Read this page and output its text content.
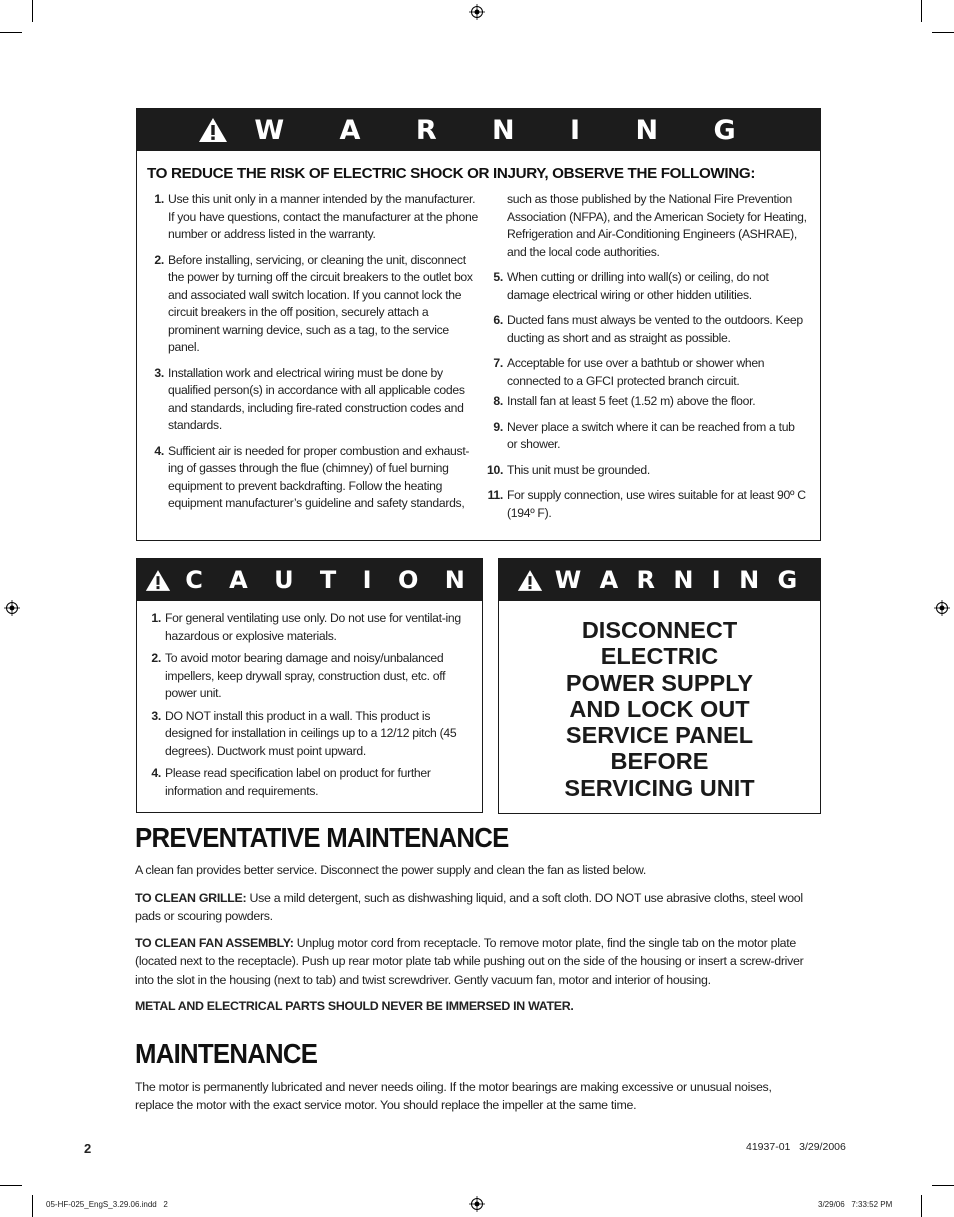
W A R N I N G
TO REDUCE THE RISK OF ELECTRIC SHOCK OR INJURY, OBSERVE THE FOLLOWING:
1. Use this unit only in a manner intended by the manufacturer. If you have questions, contact the manufacturer at the phone number or address listed in the warranty.
2. Before installing, servicing, or cleaning the unit, disconnect the power by turning off the circuit breakers to the outlet box and associated wall switch location. If you cannot lock the circuit breakers in the off position, securely attach a prominent warning device, such as a tag, to the service panel.
3. Installation work and electrical wiring must be done by qualified person(s) in accordance with all applicable codes and standards, including fire-rated construction codes and standards.
4. Sufficient air is needed for proper combustion and exhaust-ing of gasses through the flue (chimney) of fuel burning equipment to prevent backdrafting. Follow the heating equipment manufacturer’s guideline and safety standards,
such as those published by the National Fire Prevention Association (NFPA), and the American Society for Heating, Refrigeration and Air-Conditioning Engineers (ASHRAE), and the local code authorities.
5. When cutting or drilling into wall(s) or ceiling, do not damage electrical wiring or other hidden utilities.
6. Ducted fans must always be vented to the outdoors. Keep ducting as short and as straight as possible.
7. Acceptable for use over a bathtub or shower when connected to a GFCI protected branch circuit.
8. Install fan at least 5 feet (1.52 m) above the floor.
9. Never place a switch where it can be reached from a tub or shower.
10. This unit must be grounded.
11. For supply connection, use wires suitable for at least 90º C (194º F).
C A U T I O N
1. For general ventilating use only. Do not use for ventilat-ing hazardous or explosive materials.
2. To avoid motor bearing damage and noisy/unbalanced impellers, keep drywall spray, construction dust, etc. off power unit.
3. DO NOT install this product in a wall. This product is designed for installation in ceilings up to a 12/12 pitch (45 degrees). Ductwork must point upward.
4. Please read specification label on product for further information and requirements.
W A R N I N G
DISCONNECT
ELECTRIC
POWER SUPPLY
AND LOCK OUT
SERVICE PANEL
BEFORE
SERVICING UNIT
PREVENTATIVE MAINTENANCE
A clean fan provides better service. Disconnect the power supply and clean the fan as listed below.
TO CLEAN GRILLE: Use a mild detergent, such as dishwashing liquid, and a soft cloth. DO NOT use abrasive cloths, steel wool pads or scouring powders.
TO CLEAN FAN ASSEMBLY: Unplug motor cord from receptacle. To remove motor plate, find the single tab on the motor plate (located next to the receptacle). Push up rear motor plate tab while pushing out on the side of the housing or insert a screw-driver into the slot in the housing (next to tab) and twist screwdriver. Gently vacuum fan, motor and interior of housing.
METAL AND ELECTRICAL PARTS SHOULD NEVER BE IMMERSED IN WATER.
MAINTENANCE
The motor is permanently lubricated and never needs oiling. If the motor bearings are making excessive or unusual noises, replace the motor with the exact service motor. You should replace the impeller at the same time.
2	41937-01   3/29/2006
05-HF-025_EngS_3.29.06.indd   2	3/29/06   7:33:52 PM
